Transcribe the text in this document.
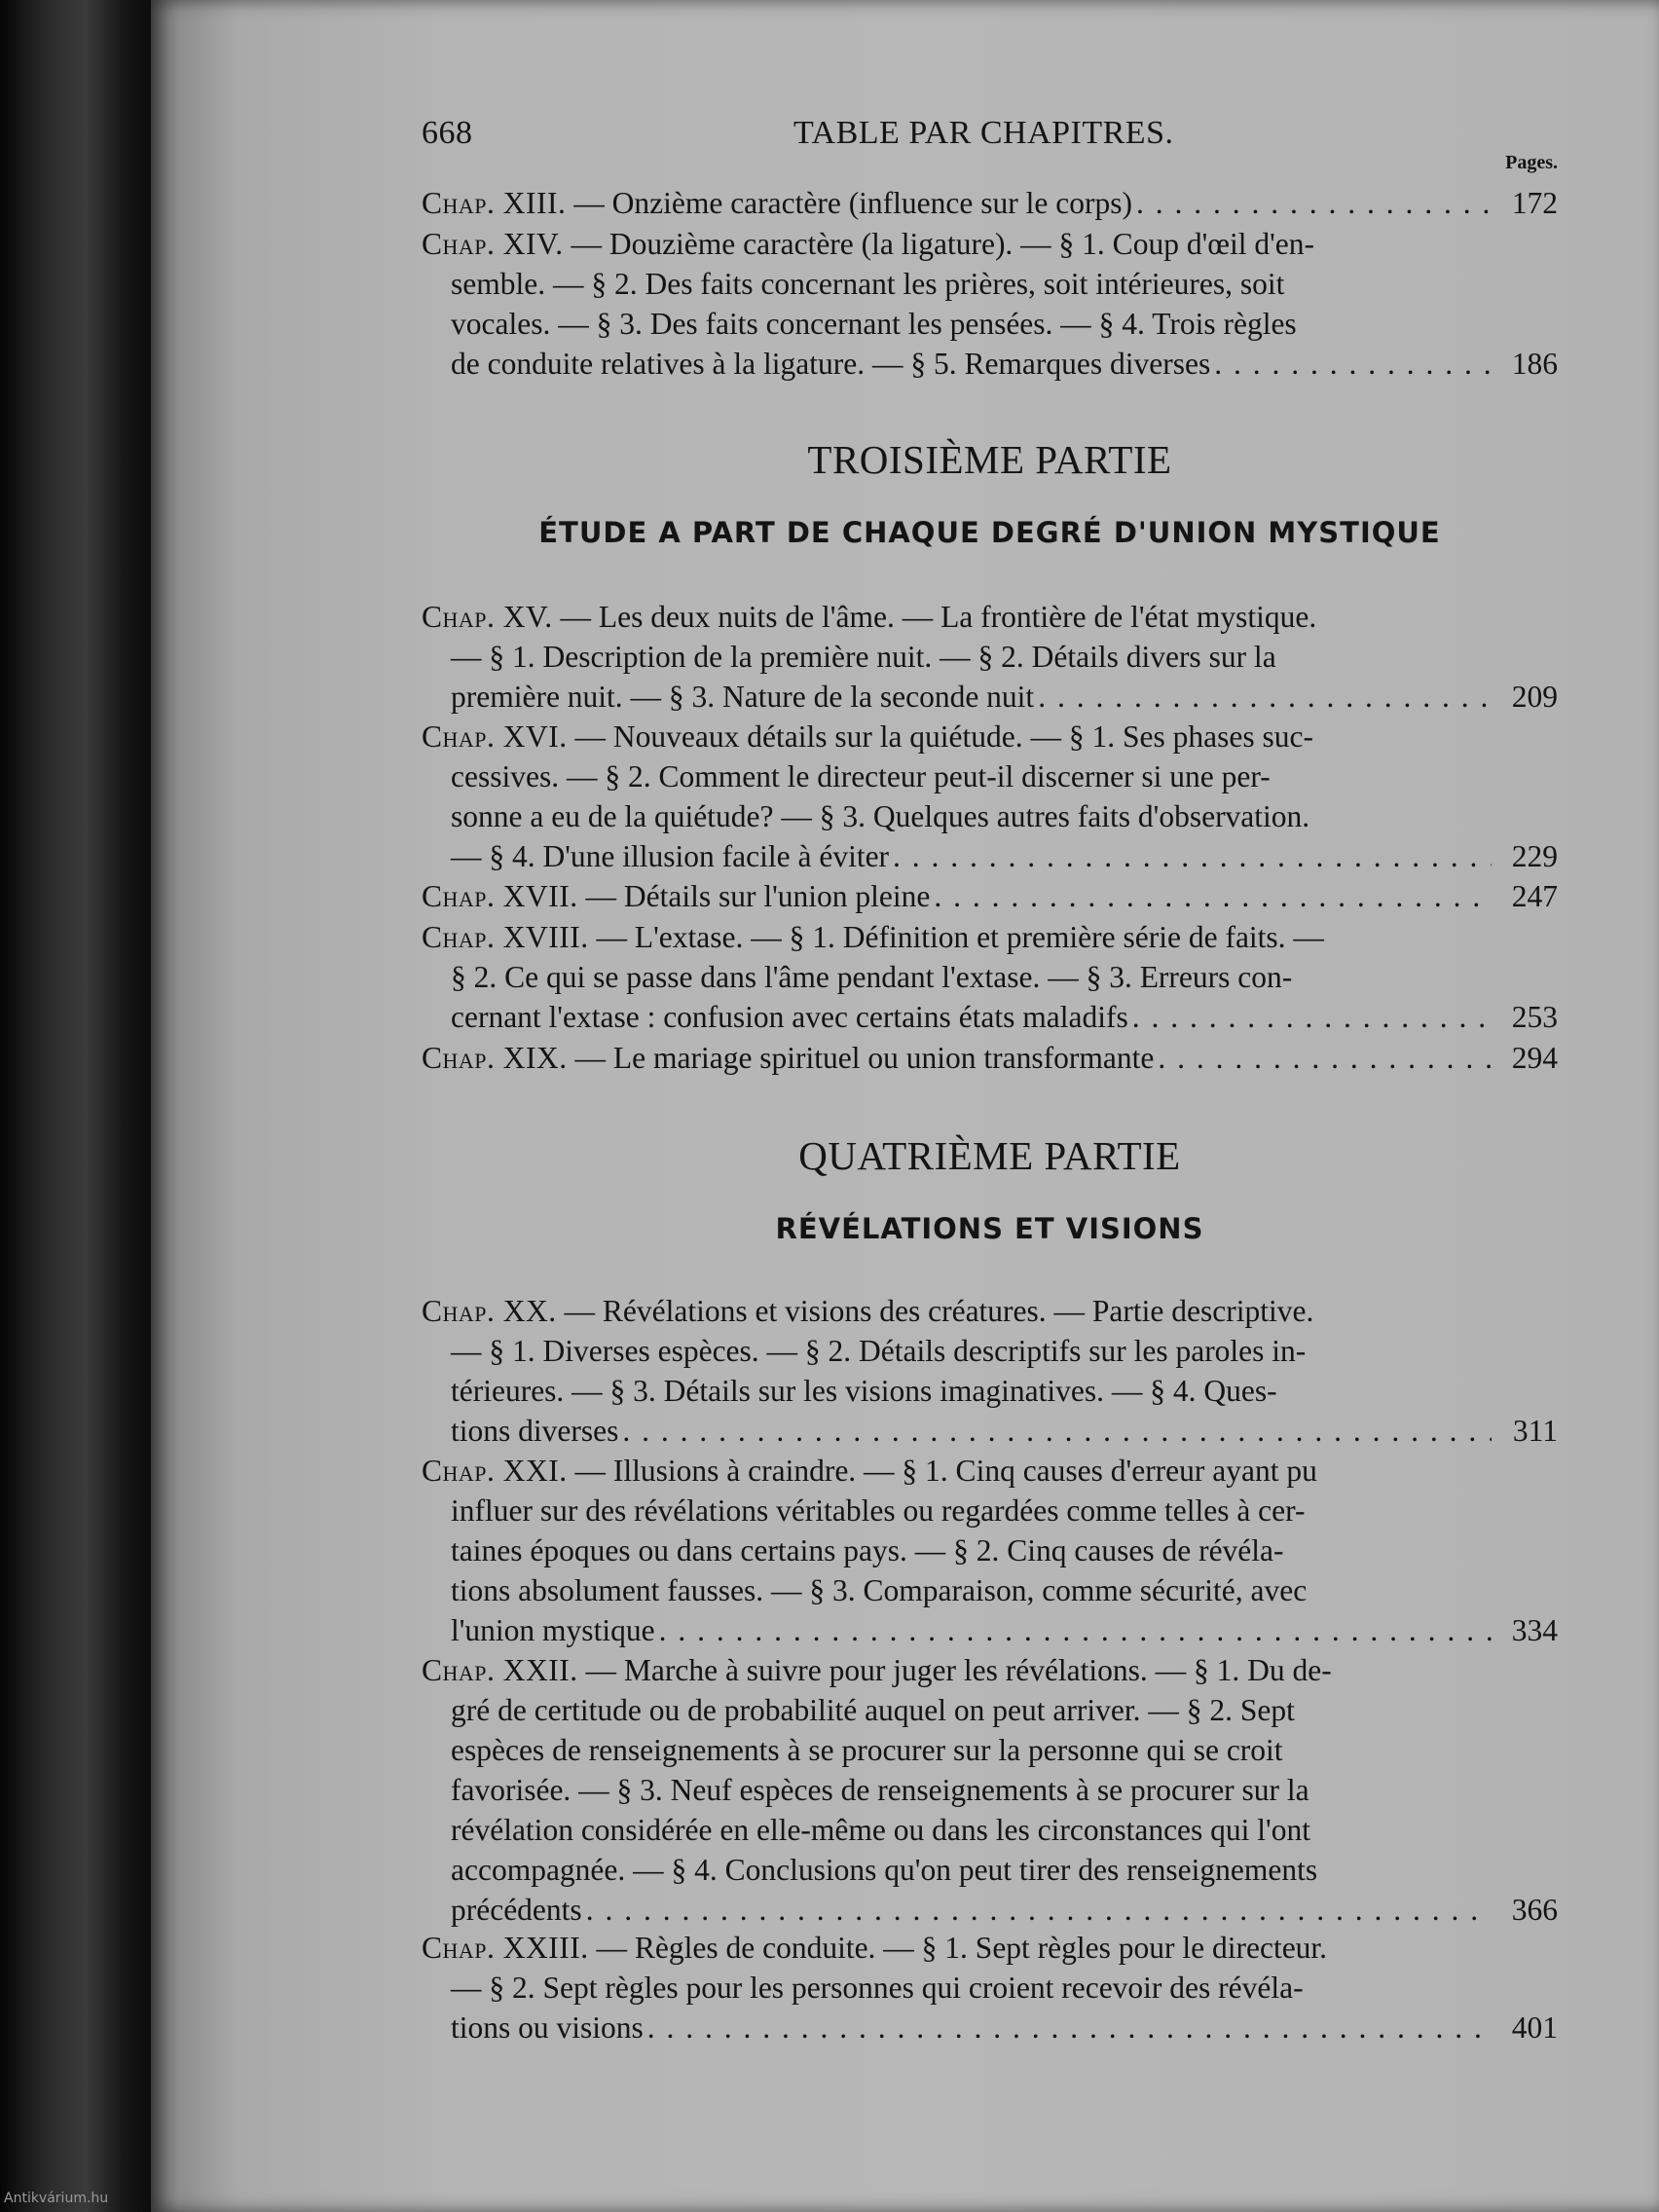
668	TABLE PAR CHAPITRES.
Pages.
Chap. XIII. — Onzième caractère (influence sur le corps) . . .	172
Chap. XIV. — Douzième caractère (la ligature). — § 1. Coup d'œil d'en-
semble. — § 2. Des faits concernant les prières, soit intérieures, soit
vocales. — § 3. Des faits concernant les pensées. — § 4. Trois règles
de conduite relatives à la ligature. — § 5. Remarques diverses . . .	186
TROISIÈME PARTIE
ÉTUDE A PART DE CHAQUE DEGRÉ D'UNION MYSTIQUE
Chap. XV. — Les deux nuits de l'âme. — La frontière de l'état mystique.
— § 1. Description de la première nuit. — § 2. Détails divers sur la
première nuit. — § 3. Nature de la seconde nuit . . .	209
Chap. XVI. — Nouveaux détails sur la quiétude. — § 1. Ses phases suc-
cessives. — § 2. Comment le directeur peut-il discerner si une per-
sonne a eu de la quiétude? — § 3. Quelques autres faits d'observation.
— § 4. D'une illusion facile à éviter . . .	229
Chap. XVII. — Détails sur l'union pleine . . .	247
Chap. XVIII. — L'extase. — § 1. Définition et première série de faits. —
§ 2. Ce qui se passe dans l'âme pendant l'extase. — § 3. Erreurs con-
cernant l'extase : confusion avec certains états maladifs . . .	253
Chap. XIX. — Le mariage spirituel ou union transformante . . .	294
QUATRIÈME PARTIE
RÉVÉLATIONS ET VISIONS
Chap. XX. — Révélations et visions des créatures. — Partie descriptive.
— § 1. Diverses espèces. — § 2. Détails descriptifs sur les paroles in-
térieures. — § 3. Détails sur les visions imaginatives. — § 4. Ques-
tions diverses . . .	311
Chap. XXI. — Illusions à craindre. — § 1. Cinq causes d'erreur ayant pu
influer sur des révélations véritables ou regardées comme telles à cer-
taines époques ou dans certains pays. — § 2. Cinq causes de révéla-
tions absolument fausses. — § 3. Comparaison, comme sécurité, avec
l'union mystique . . .	334
Chap. XXII. — Marche à suivre pour juger les révélations. — § 1. Du de-
gré de certitude ou de probabilité auquel on peut arriver. — § 2. Sept
espèces de renseignements à se procurer sur la personne qui se croit
favorisée. — § 3. Neuf espèces de renseignements à se procurer sur la
révélation considérée en elle-même ou dans les circonstances qui l'ont
accompagnée. — § 4. Conclusions qu'on peut tirer des renseignements
précédents . . .	366
Chap. XXIII. — Règles de conduite. — § 1. Sept règles pour le directeur.
— § 2. Sept règles pour les personnes qui croient recevoir des révéla-
tions ou visions . . .	401
Antikvárium.hu
